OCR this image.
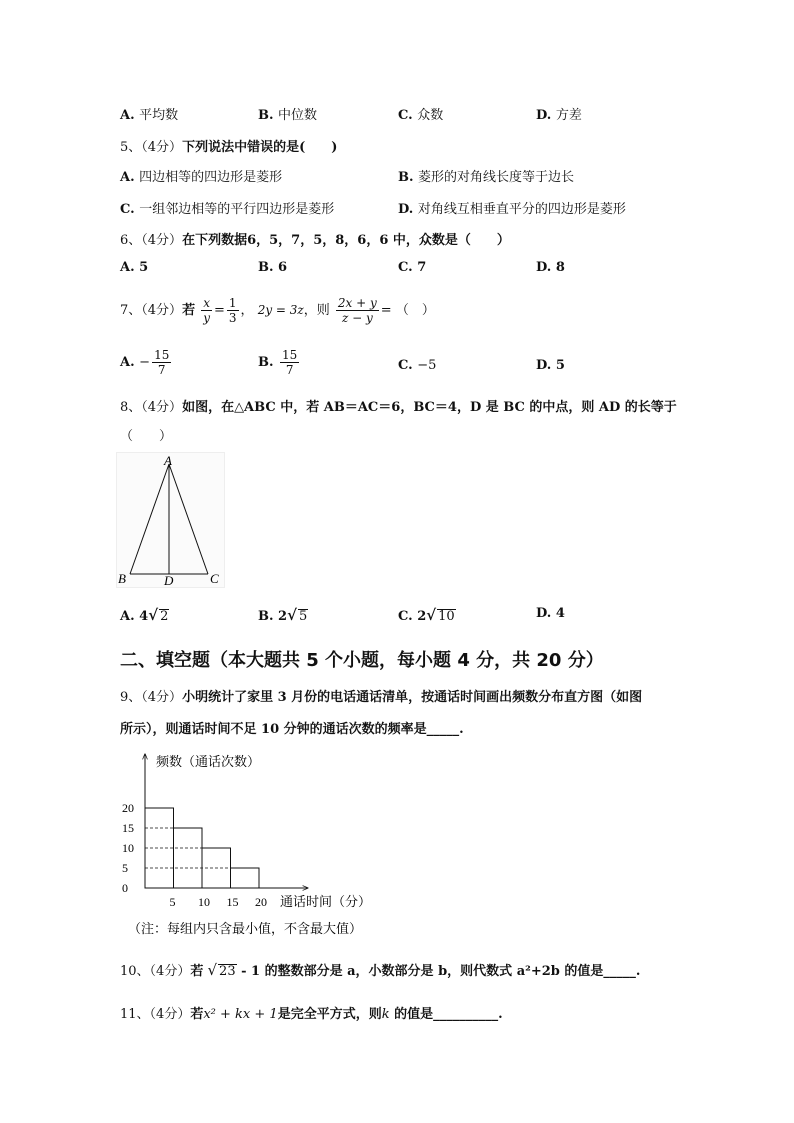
A. 平均数	B. 中位数	C. 众数	D. 方差
5、（4分）下列说法中错误的是(　　)
A. 四边相等的四边形是菱形	B. 菱形的对角线长度等于边长
C. 一组邻边相等的平行四边形是菱形	D. 对角线互相垂直平分的四边形是菱形
6、（4分）在下列数据6，5，7，5，8，6，6 中，众数是（　　）
A. 5	B. 6	C. 7	D. 8
7、（4分）若 $\frac{x}{y} = \frac{1}{3}$ ， 2y = 3z，则 $\frac{2x + y}{z - y}$ = （　）
A. − $\frac{15}{7}$	B. $\frac{15}{7}$	C. −5	D. 5
8、（4分）如图，在△ABC 中，若 AB＝AC＝6，BC＝4，D 是 BC 的中点，则 AD 的长等于
（　　）
A
B	D	C
A. 4√ 2	B. 2√ 5	C. 2√ 10	D. 4
二、填空题（本大题共 5 个小题，每小题 4 分，共 20 分）
9、（4分）小明统计了家里 3 月份的电话通话清单，按通话时间画出频数分布直方图（如图
所示），则通话时间不足 10 分钟的通话次数的频率是_____.
频数（通话次数）
通话时间（分）
（注：每组内只含最小值，不含最大值）
0
5
10
15
20
5 10 15 20
10、（4分）若 √ 23 - 1 的整数部分是 a，小数部分是 b，则代数式 a²+2b 的值是_____.
11、（4分）若x² + kx + 1是完全平方式，则k 的值是__________.
